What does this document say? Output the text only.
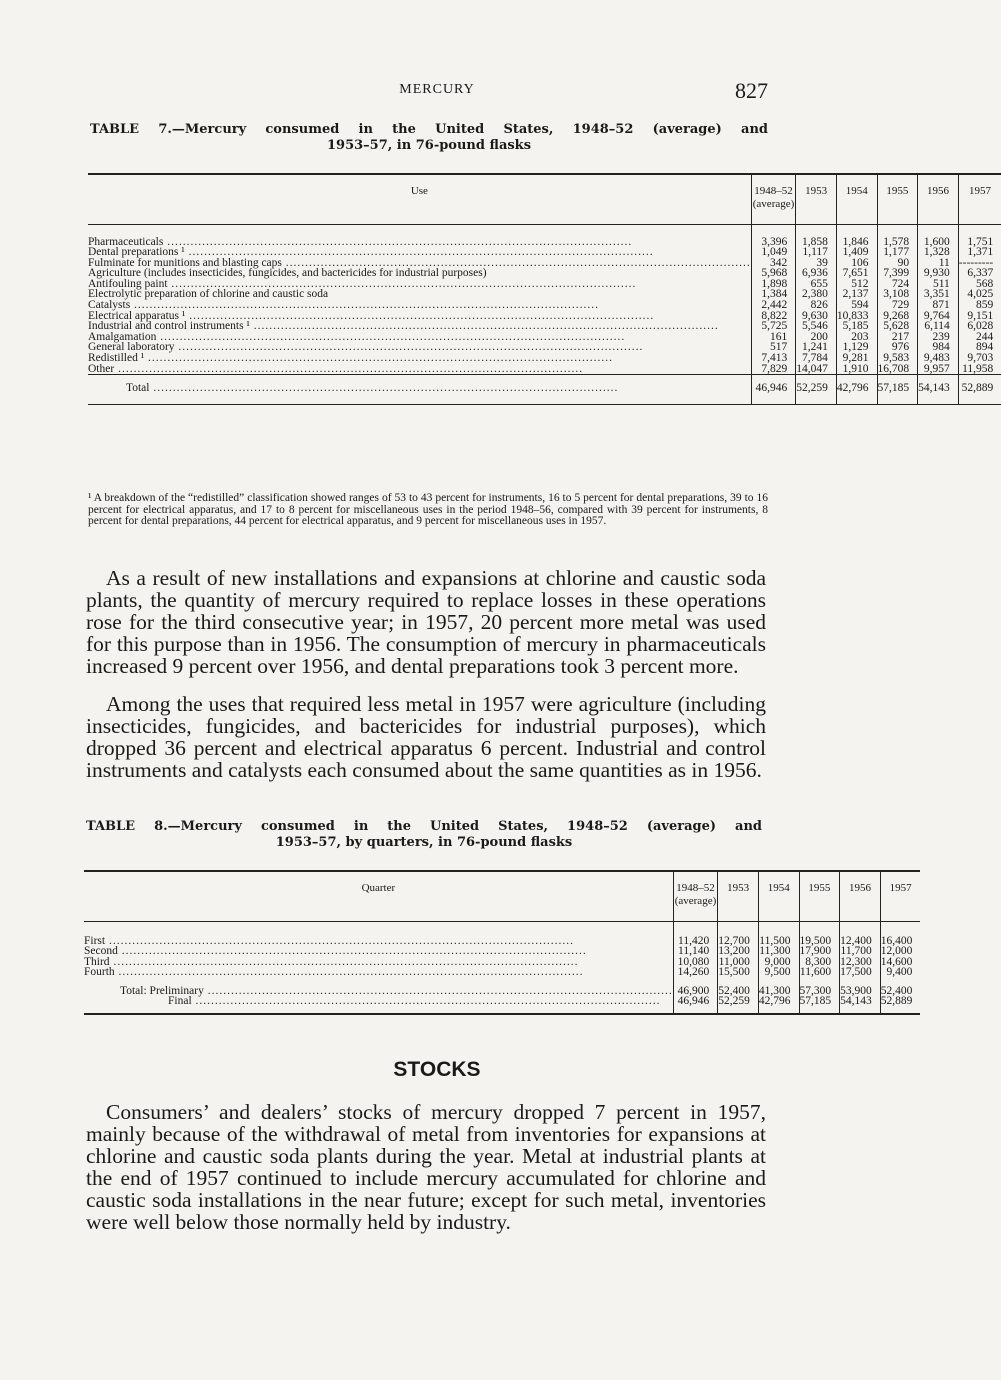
MERCURY	827
TABLE 7.—Mercury consumed in the United States, 1948–52 (average) and
1953–57, in 76-pound flasks
Use	1948–52 (average)	1953	1954	1955	1956	1957

Pharmaceuticals .....	3,396	1,858	1,846	1,578	1,600	1,751

Dental preparations ¹ .....	1,049	1,117	1,409	1,177	1,328	1,371

Fulminate for munitions and blasting caps .....	342	39	106	90	11	---------
Agriculture (includes insecticides, fungicides, and bactericides for industrial purposes)	5,968	6,936	7,651	7,399	9,930	6,337

Antifouling paint .....	1,898	655	512	724	511	568
Electrolytic preparation of chlorine and caustic soda	1,384	2,380	2,137	3,108	3,351	4,025

Catalysts .....	2,442	826	594	729	871	859

Electrical apparatus ¹ .....	8,822	9,630	10,833	9,268	9,764	9,151

Industrial and control instruments ¹ .....	5,725	5,546	5,185	5,628	6,114	6,028

Amalgamation .....	161	200	203	217	239	244

General laboratory .....	517	1,241	1,129	976	984	894

Redistilled ¹ .....	7,413	7,784	9,281	9,583	9,483	9,703

Other .....	7,829	14,047	1,910	16,708	9,957	11,958

Total .....	46,946	52,259	42,796	57,185	54,143	52,889
¹ A breakdown of the “redistilled” classification showed ranges of 53 to 43 percent for instruments, 16 to 5 percent for dental preparations, 39 to 16 percent for electrical apparatus, and 17 to 8 percent for miscellaneous uses in the period 1948–56, compared with 39 percent for instruments, 8 percent for dental preparations, 44 percent for electrical apparatus, and 9 percent for miscellaneous uses in 1957.
As a result of new installations and expansions at chlorine and caustic soda plants, the quantity of mercury required to replace losses in these operations rose for the third consecutive year; in 1957, 20 percent more metal was used for this purpose than in 1956. The consumption of mercury in pharmaceuticals increased 9 percent over 1956, and dental preparations took 3 percent more.
Among the uses that required less metal in 1957 were agriculture (including insecticides, fungicides, and bactericides for industrial purposes), which dropped 36 percent and electrical apparatus 6 percent. Industrial and control instruments and catalysts each consumed about the same quantities as in 1956.
TABLE 8.—Mercury consumed in the United States, 1948–52 (average) and
1953–57, by quarters, in 76-pound flasks
Quarter	1948–52 (average)	1953	1954	1955	1956	1957

First .....	11,420	12,700	11,500	19,500	12,400	16,400

Second .....	11,140	13,200	11,300	17,900	11,700	12,000

Third .....	10,080	11,000	9,000	8,300	12,300	14,600

Fourth .....	14,260	15,500	9,500	11,600	17,500	9,400

Total: Preliminary .....	46,900	52,400	41,300	57,300	53,900	52,400

Final .....	46,946	52,259	42,796	57,185	54,143	52,889
STOCKS
Consumers’ and dealers’ stocks of mercury dropped 7 percent in 1957, mainly because of the withdrawal of metal from inventories for expansions at chlorine and caustic soda plants during the year. Metal at industrial plants at the end of 1957 continued to include mercury accumulated for chlorine and caustic soda installations in the near future; except for such metal, inventories were well below those normally held by industry.
